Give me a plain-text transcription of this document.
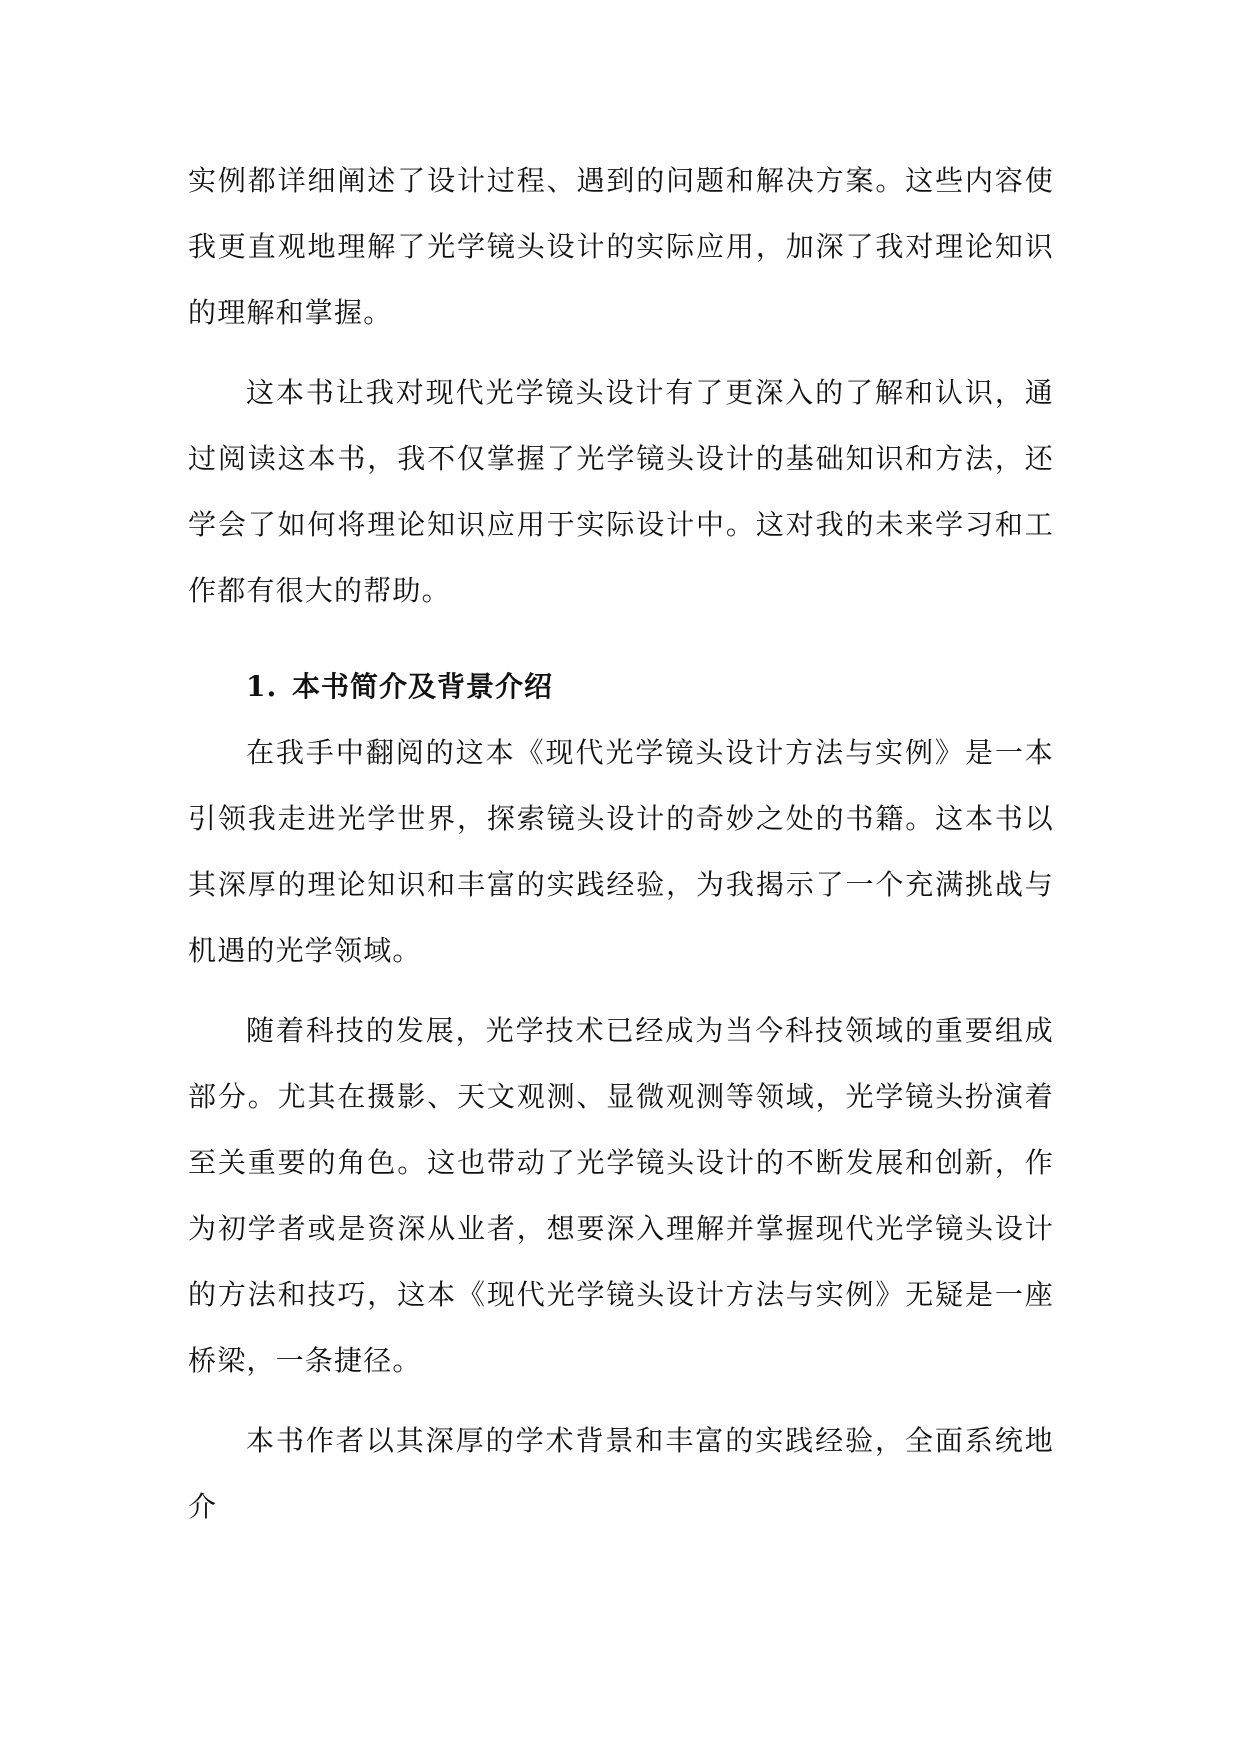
实例都详细阐述了设计过程、遇到的问题和解决方案。这些内容使我更直观地理解了光学镜头设计的实际应用，加深了我对理论知识的理解和掌握。

这本书让我对现代光学镜头设计有了更深入的了解和认识，通过阅读这本书，我不仅掌握了光学镜头设计的基础知识和方法，还学会了如何将理论知识应用于实际设计中。这对我的未来学习和工作都有很大的帮助。

1. 本书简介及背景介绍

在我手中翻阅的这本《现代光学镜头设计方法与实例》是一本引领我走进光学世界，探索镜头设计的奇妙之处的书籍。这本书以其深厚的理论知识和丰富的实践经验，为我揭示了一个充满挑战与机遇的光学领域。

随着科技的发展，光学技术已经成为当今科技领域的重要组成部分。尤其在摄影、天文观测、显微观测等领域，光学镜头扮演着至关重要的角色。这也带动了光学镜头设计的不断发展和创新，作为初学者或是资深从业者，想要深入理解并掌握现代光学镜头设计的方法和技巧，这本《现代光学镜头设计方法与实例》无疑是一座桥梁，一条捷径。

本书作者以其深厚的学术背景和丰富的实践经验，全面系统地介
